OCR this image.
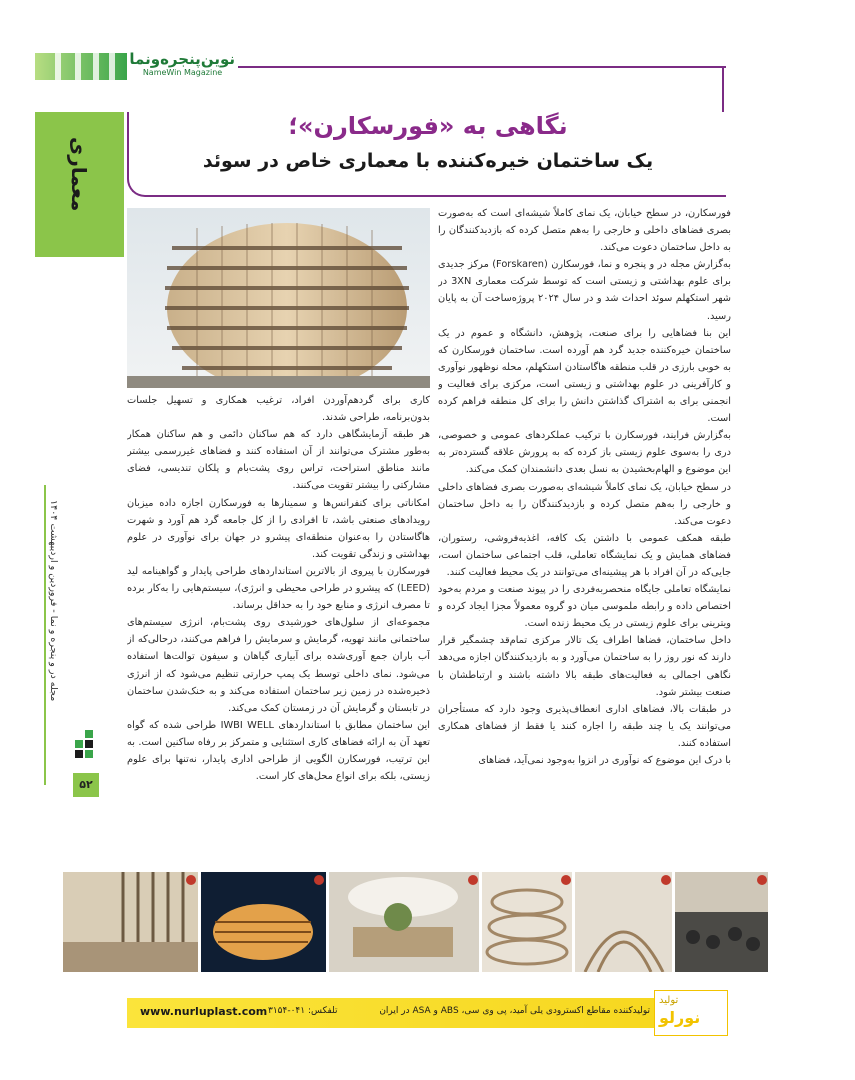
نوین‌پنجره‌ونما
NameWin Magazine
معماری
مجله در و پنجره و نما - فروردین و اردیبهشت ۱۴۰۴
۵۲
نگاهی به «فورسکارن»؛
یک ساختمان خیره‌کننده با معماری خاص در سوئد

فورسکارن، در سطح خیابان، یک نمای کاملاً شیشه‌ای است که به‌صورت بصری فضاهای داخلی و خارجی را به‌هم متصل کرده که بازدیدکنندگان را به داخل ساختمان دعوت می‌کند.

به‌گزارش مجله در و پنجره و نما، فورسکارن (Forskaren) مرکز جدیدی برای علوم بهداشتی و زیستی است که توسط شرکت معماری 3XN در شهر استکهلم سوئد احداث شد و در سال ۲۰۲۴ پروژه‌ساخت آن به پایان رسید.

این بنا فضاهایی را برای صنعت، پژوهش، دانشگاه و عموم در یک ساختمان خیره‌کننده جدید گرد هم آورده است. ساختمان فورسکارن که به‌ خوبی بارزی در قلب منطقه هاگاستادن استکهلم، محله نوظهور نوآوری و کارآفرینی در علوم بهداشتی و زیستی است، مرکزی برای فعالیت و انجمنی برای به اشتراک گذاشتن دانش را برای کل منطقه فراهم کرده است.

به‌گزارش فرایند، فورسکارن با ترکیب عملکردهای عمومی و خصوصی، دری را به‌سوی علوم زیستی باز کرده که به پرورش علاقه گسترده‌تر به این موضوع و الهام‌بخشیدن به نسل بعدی دانشمندان کمک می‌کند.

در سطح خیابان، یک نمای کاملاً شیشه‌ای به‌صورت بصری فضاهای داخلی و خارجی را به‌هم متصل کرده و بازدیدکنندگان را به داخل ساختمان دعوت می‌کند.

طبقه همکف عمومی با داشتن یک کافه، اغذیه‌فروشی، رستوران، فضاهای همایش و یک نمایشگاه تعاملی، قلب اجتماعی ساختمان است، جایی‌که در آن افراد با هر پیشینه‌ای می‌توانند در یک محیط فعالیت کنند.

نمایشگاه تعاملی جایگاه منحصربه‌فردی را در پیوند صنعت و مردم به‌خود اختصاص داده و رابطه ملموسی میان دو گروه معمولاً مجزا ایجاد کرده و ویترینی برای علوم زیستی در یک محیط زنده است.

داخل ساختمان، فضاها اطراف یک تالار مرکزی تمام‌قد چشمگیر قرار دارند که نور روز را به ساختمان می‌آورد و به بازدیدکنندگان اجازه می‌دهد نگاهی اجمالی به فعالیت‌های طبقه بالا داشته باشند و ارتباطشان با صنعت بیشتر شود.

در طبقات بالا، فضاهای اداری انعطاف‌پذیری وجود دارد که مستأجران می‌توانند یک یا چند طبقه را اجاره کنند یا فقط از فضاهای همکاری استفاده کنند.

با درک این موضوع که نوآوری در انزوا به‌وجود نمی‌آید، فضاهای

کاری برای گردهم‌آوردن افراد، ترغیب همکاری و تسهیل جلسات بدون‌برنامه، طراحی شدند.

هر طبقه آزمایشگاهی دارد که هم ساکنان دائمی و هم ساکنان همکار به‌طور مشترک می‌توانند از آن استفاده کنند و فضاهای غیررسمی بیشتر مانند مناطق استراحت، تراس روی پشت‌بام و پلکان تندیسی، فضای مشارکتی را بیشتر تقویت می‌کنند.

امکاناتی برای کنفرانس‌ها و سمینارها به فورسکارن اجازه داده میزبان رویدادهای صنعتی باشد، تا افرادی را از کل جامعه گرد هم آورد و شهرت هاگاستادن را به‌عنوان منطقه‌ای پیشرو در جهان برای نوآوری در علوم بهداشتی و زندگی تقویت کند.

فورسکارن با پیروی از بالاترین استانداردهای طراحی پایدار و گواهینامه لید (LEED) که پیشرو در طراحی محیطی و انرژی)، سیستم‌هایی را به‌کار برده تا مصرف انرژی و منابع خود را به حداقل برساند.

مجموعه‌ای از سلول‌های خورشیدی روی پشت‌بام، انرژی سیستم‌های ساختمانی مانند تهویه، گرمایش و سرمایش را فراهم می‌کنند، درحالی‌که از آب باران جمع آوری‌شده برای آبیاری گیاهان و سیفون توالت‌ها استفاده می‌شود. نمای داخلی توسط یک پمپ حرارتی تنظیم می‌شود که از انرژی ذخیره‌شده در زمین زیر ساختمان استفاده می‌کند و به خنک‌شدن ساختمان در تابستان و گرمایش آن در زمستان کمک می‌کند.

این ساختمان مطابق با استانداردهای IWBI WELL طراحی شده که گواه تعهد آن به ارائه فضاهای کاری استثنایی و متمرکز بر رفاه ساکنین است. به این ترتیب، فورسکارن الگویی از طراحی اداری پایدار، نه‌تنها برای علوم زیستی، بلکه برای انواع محل‌های کار است.

www.nurluplast.com تلفکس: ۰۴۱-۳۱۵۴	تولیدکننده مقاطع اکسترودی یلی آمید، پی وی سی، ABS و ASA در ایران
تولید
نورلو
